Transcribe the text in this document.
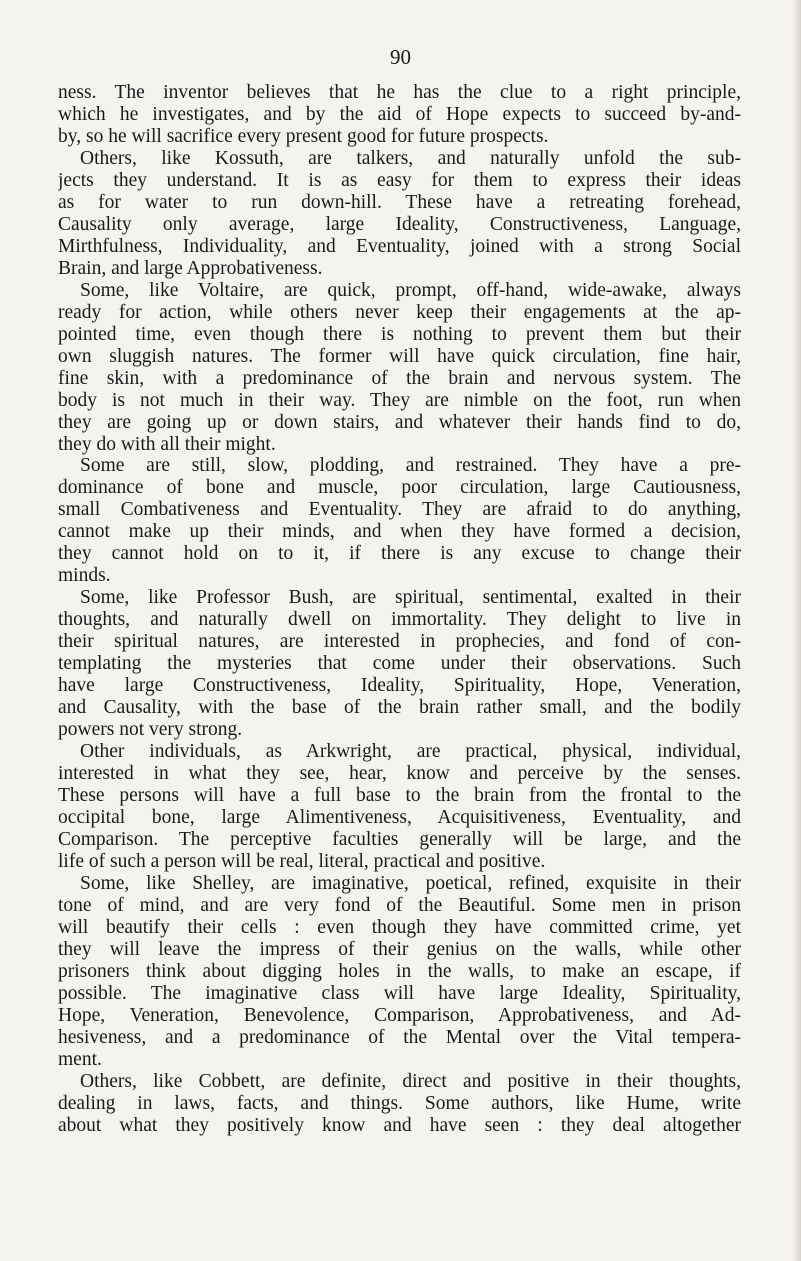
90
ness. The inventor believes that he has the clue to a right principle,
which he investigates, and by the aid of Hope expects to succeed by-and-
by, so he will sacrifice every present good for future prospects.
Others, like Kossuth, are talkers, and naturally unfold the sub-
jects they understand. It is as easy for them to express their ideas
as for water to run down-hill. These have a retreating forehead,
Causality only average, large Ideality, Constructiveness, Language,
Mirthfulness, Individuality, and Eventuality, joined with a strong Social
Brain, and large Approbativeness.
Some, like Voltaire, are quick, prompt, off-hand, wide-awake, always
ready for action, while others never keep their engagements at the ap-
pointed time, even though there is nothing to prevent them but their
own sluggish natures. The former will have quick circulation, fine hair,
fine skin, with a predominance of the brain and nervous system. The
body is not much in their way. They are nimble on the foot, run when
they are going up or down stairs, and whatever their hands find to do,
they do with all their might.
Some are still, slow, plodding, and restrained. They have a pre-
dominance of bone and muscle, poor circulation, large Cautiousness,
small Combativeness and Eventuality. They are afraid to do anything,
cannot make up their minds, and when they have formed a decision,
they cannot hold on to it, if there is any excuse to change their
minds.
Some, like Professor Bush, are spiritual, sentimental, exalted in their
thoughts, and naturally dwell on immortality. They delight to live in
their spiritual natures, are interested in prophecies, and fond of con-
templating the mysteries that come under their observations. Such
have large Constructiveness, Ideality, Spirituality, Hope, Veneration,
and Causality, with the base of the brain rather small, and the bodily
powers not very strong.
Other individuals, as Arkwright, are practical, physical, individual,
interested in what they see, hear, know and perceive by the senses.
These persons will have a full base to the brain from the frontal to the
occipital bone, large Alimentiveness, Acquisitiveness, Eventuality, and
Comparison. The perceptive faculties generally will be large, and the
life of such a person will be real, literal, practical and positive.
Some, like Shelley, are imaginative, poetical, refined, exquisite in their
tone of mind, and are very fond of the Beautiful. Some men in prison
will beautify their cells : even though they have committed crime, yet
they will leave the impress of their genius on the walls, while other
prisoners think about digging holes in the walls, to make an escape, if
possible. The imaginative class will have large Ideality, Spirituality,
Hope, Veneration, Benevolence, Comparison, Approbativeness, and Ad-
hesiveness, and a predominance of the Mental over the Vital tempera-
ment.
Others, like Cobbett, are definite, direct and positive in their thoughts,
dealing in laws, facts, and things. Some authors, like Hume, write
about what they positively know and have seen : they deal altogether
